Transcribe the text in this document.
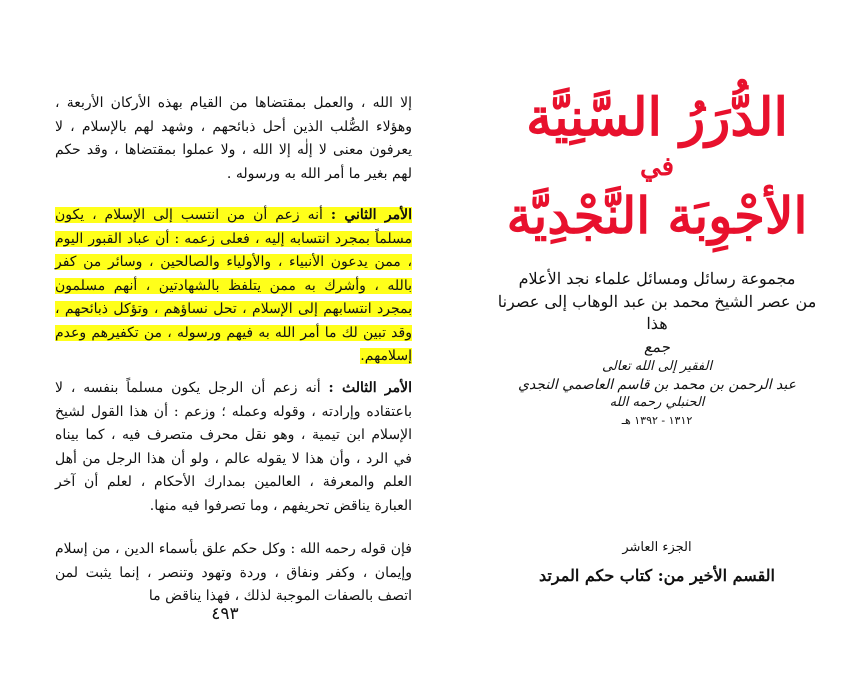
إلا الله ، والعمل بمقتضاها من القيام بهذه الأركان الأربعة ، وهؤلاء الصُّلب الذين أحل ذبائحهم ، وشهد لهم بالإسلام ، لا يعرفون معنى لا إلٰه إلا الله ، ولا عملوا بمقتضاها ، وقد حكم لهم بغير ما أمر الله به ورسوله .

الأمر الثاني : أنه زعم أن من انتسب إلى الإسلام ، يكون مسلماً بمجرد انتسابه إليه ، فعلى زعمه : أن عباد القبور اليوم ، ممن يدعون الأنبياء ، والأولياء والصالحين ، وسائر من كفر بالله ، وأشرك به ممن يتلفظ بالشهادتين ، أنهم مسلمون بمجرد انتسابهم إلى الإسلام ، تحل نساؤهم ، وتؤكل ذبائحهم ، وقد تبين لك ما أمر الله به فيهم ورسوله ، من تكفيرهم وعدم إسلامهم.

الأمر الثالث : أنه زعم أن الرجل يكون مسلماً بنفسه ، لا باعتقاده وإرادته ، وقوله وعمله ؛ وزعم : أن هذا القول لشيخ الإسلام ابن تيمية ، وهو نقل محرف متصرف فيه ، كما بيناه في الرد ، وأن هذا لا يقوله عالم ، ولو أن هذا الرجل من أهل العلم والمعرفة ، العالمين بمدارك الأحكام ، لعلم أن آخر العبارة يناقض تحريفهم ، وما تصرفوا فيه منها.

فإن قوله رحمه الله : وكل حكم علق بأسماء الدين ، من إسلام وإيمان ، وكفر ونفاق ، وردة وتهود وتنصر ، إنما يثبت لمن اتصف بالصفات الموجبة لذلك ، فهذا يناقض ما

٤٩٣
الدُّرَرُ السَّنِيَّة
في
الأجْوِبَة النَّجْدِيَّة
مجموعة رسائل ومسائل علماء نجد الأعلام
من عصر الشيخ محمد بن عبد الوهاب إلى عصرنا هذا
جمع
الفقير إلى الله تعالى
عبد الرحمن بن محمد بن قاسم العاصمي النجدي
الحنبلي رحمه الله
١٣١٢ - ١٣٩٢ هـ
الجزء العاشر
القسم الأخير من: كتاب حكم المرتد
